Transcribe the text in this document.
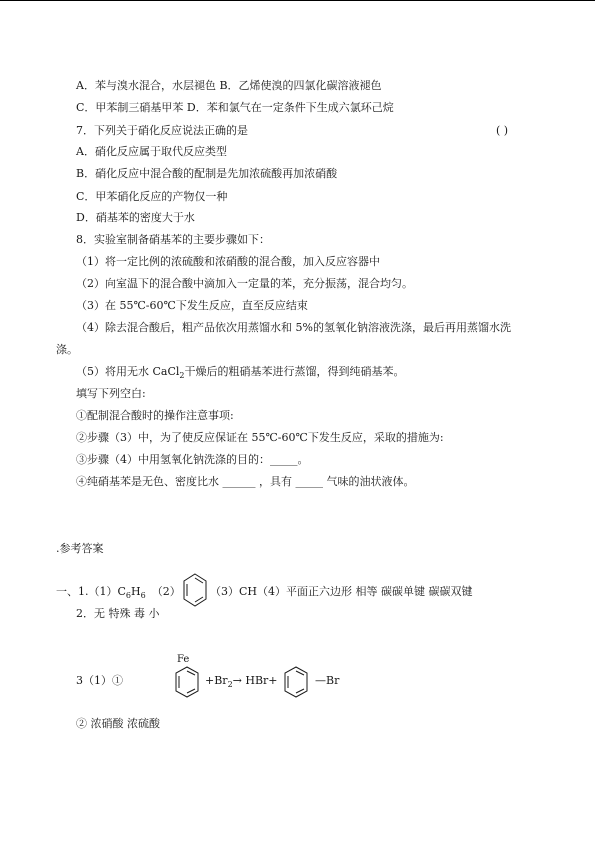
A．苯与溴水混合，水层褪色 B．乙烯使溴的四氯化碳溶液褪色
C．甲苯制三硝基甲苯 D．苯和氯气在一定条件下生成六氯环己烷
7．下列关于硝化反应说法正确的是	( )
A．硝化反应属于取代反应类型
B．硝化反应中混合酸的配制是先加浓硫酸再加浓硝酸
C．甲苯硝化反应的产物仅一种
D．硝基苯的密度大于水
8．实验室制备硝基苯的主要步骤如下：
（1）将一定比例的浓硫酸和浓硝酸的混合酸，加入反应容器中
（2）向室温下的混合酸中滴加入一定量的苯，充分振荡，混合均匀。
（3）在 55℃-60℃下发生反应，直至反应结束
（4）除去混合酸后，粗产品依次用蒸馏水和 5%的氢氧化钠溶液洗涤，最后再用蒸馏水洗
涤。
（5）将用无水 CaCl$_2$干燥后的粗硝基苯进行蒸馏，得到纯硝基苯。
填写下列空白:
①配制混合酸时的操作注意事项:
②步骤（3）中，为了使反应保证在 55℃-60℃下发生反应，采取的措施为:
③步骤（4）中用氢氧化钠洗涤的目的：_____。
④纯硝基苯是无色、密度比水 ______ ，具有 _____ 气味的油状液体。
.参考答案
一、$1.(1)C_6H_6$ （2）	（3）CH（4）平面正六边形 相等 碳碳单键 碳碳双键
2．无 特殊 毒 小
Fe
3（1）①	$+Br_2\to HBr+$	—Br
② 浓硝酸 浓硫酸
